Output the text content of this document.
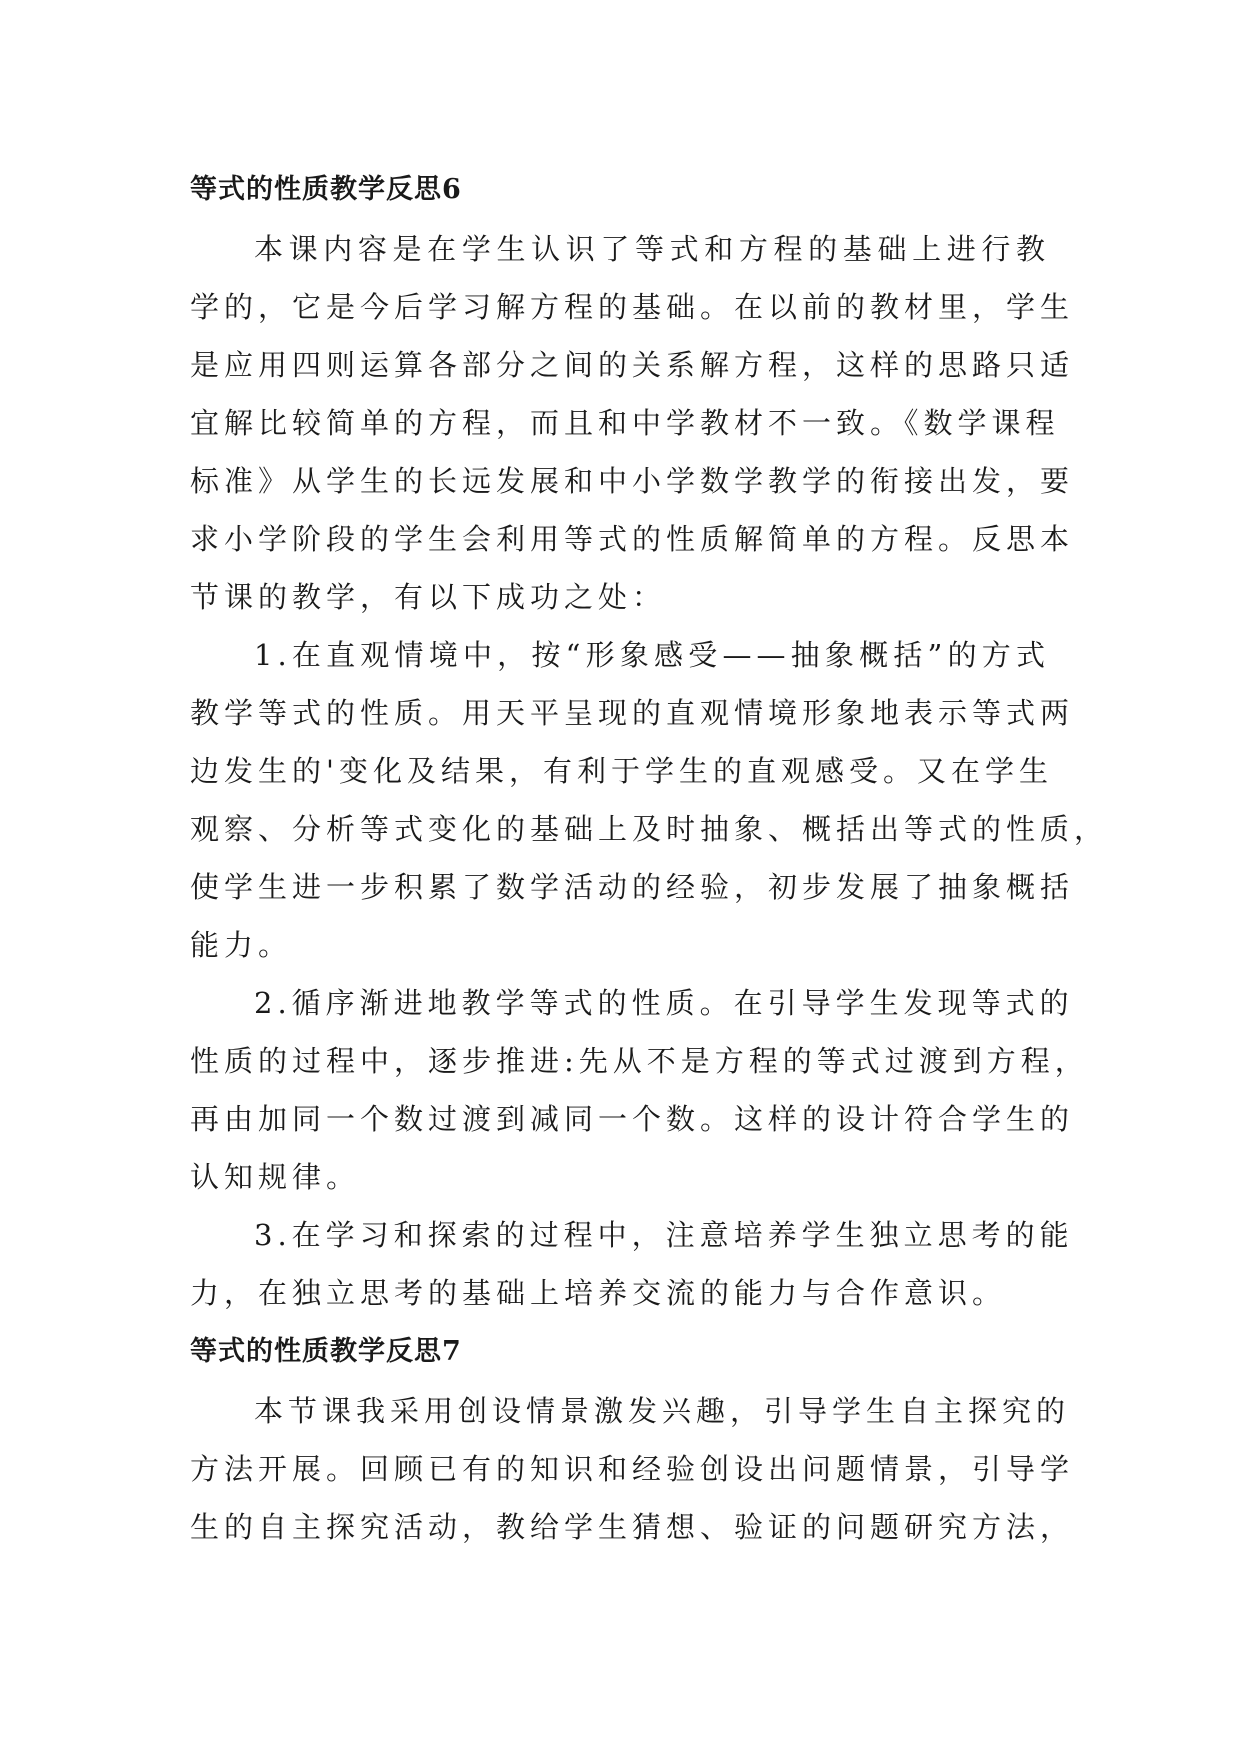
等式的性质教学反思6

本课内容是在学生认识了等式和方程的基础上进行教
学的，它是今后学习解方程的基础。在以前的教材里，学生
是应用四则运算各部分之间的关系解方程，这样的思路只适
宜解比较简单的方程，而且和中学教材不一致。《数学课程
标准》从学生的长远发展和中小学数学教学的衔接出发，要
求小学阶段的学生会利用等式的性质解简单的方程。反思本
节课的教学，有以下成功之处：

1.在直观情境中，按“形象感受——抽象概括”的方式
教学等式的性质。用天平呈现的直观情境形象地表示等式两
边发生的'变化及结果，有利于学生的直观感受。又在学生
观察、分析等式变化的基础上及时抽象、概括出等式的性质，
使学生进一步积累了数学活动的经验，初步发展了抽象概括
能力。

2.循序渐进地教学等式的性质。在引导学生发现等式的
性质的过程中，逐步推进:先从不是方程的等式过渡到方程，
再由加同一个数过渡到减同一个数。这样的设计符合学生的
认知规律。

3.在学习和探索的过程中，注意培养学生独立思考的能
力，在独立思考的基础上培养交流的能力与合作意识。

等式的性质教学反思7

本节课我采用创设情景激发兴趣，引导学生自主探究的
方法开展。回顾已有的知识和经验创设出问题情景，引导学
生的自主探究活动，教给学生猜想、验证的问题研究方法，
